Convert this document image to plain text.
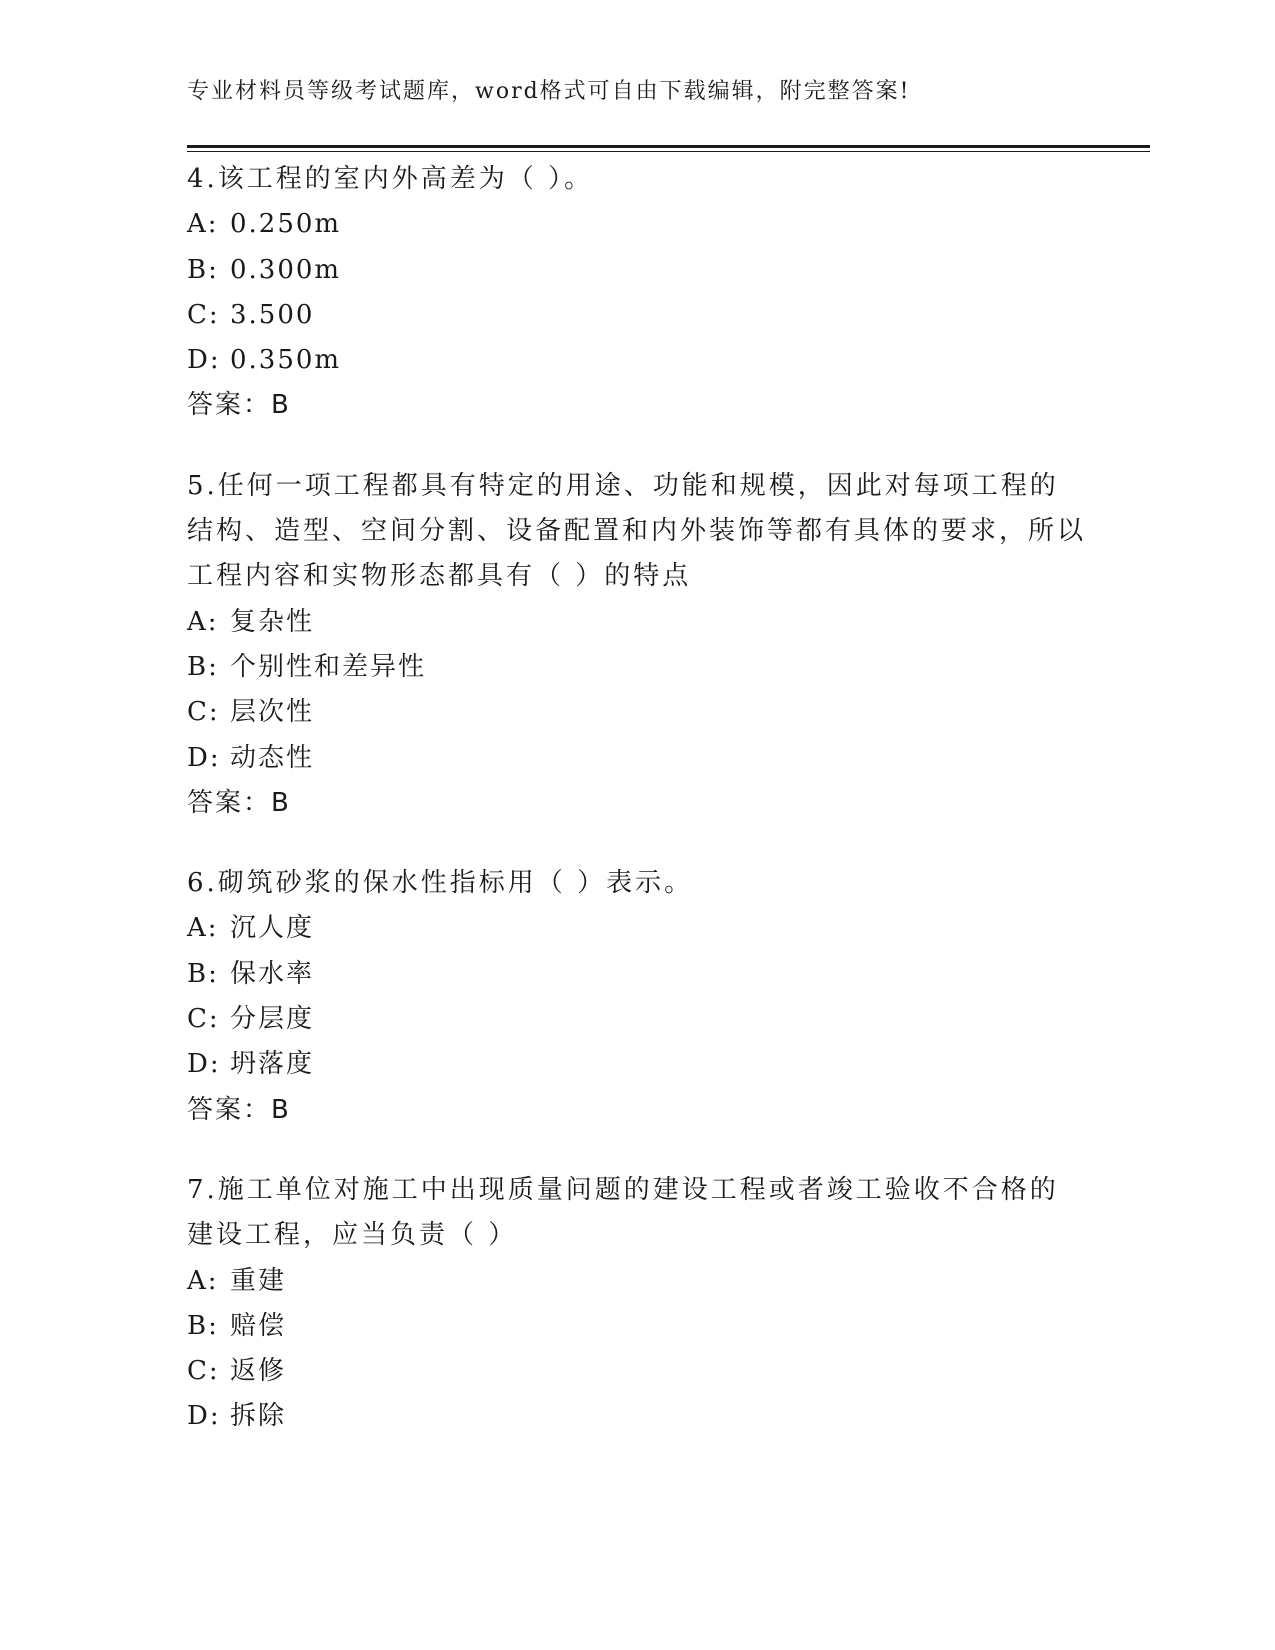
专业材料员等级考试题库，word格式可自由下载编辑，附完整答案!
4.该工程的室内外高差为（ ）。
A: 0.250m
B: 0.300m
C: 3.500
D: 0.350m
答案：B
5.任何一项工程都具有特定的用途、功能和规模，因此对每项工程的结构、造型、空间分割、设备配置和内外装饰等都有具体的要求，所以工程内容和实物形态都具有（ ）的特点
A: 复杂性
B: 个别性和差异性
C: 层次性
D: 动态性
答案：B
6.砌筑砂浆的保水性指标用（ ）表示。
A: 沉人度
B: 保水率
C: 分层度
D: 坍落度
答案：B
7.施工单位对施工中出现质量问题的建设工程或者竣工验收不合格的建设工程，应当负责（ ）
A: 重建
B: 赔偿
C: 返修
D: 拆除
